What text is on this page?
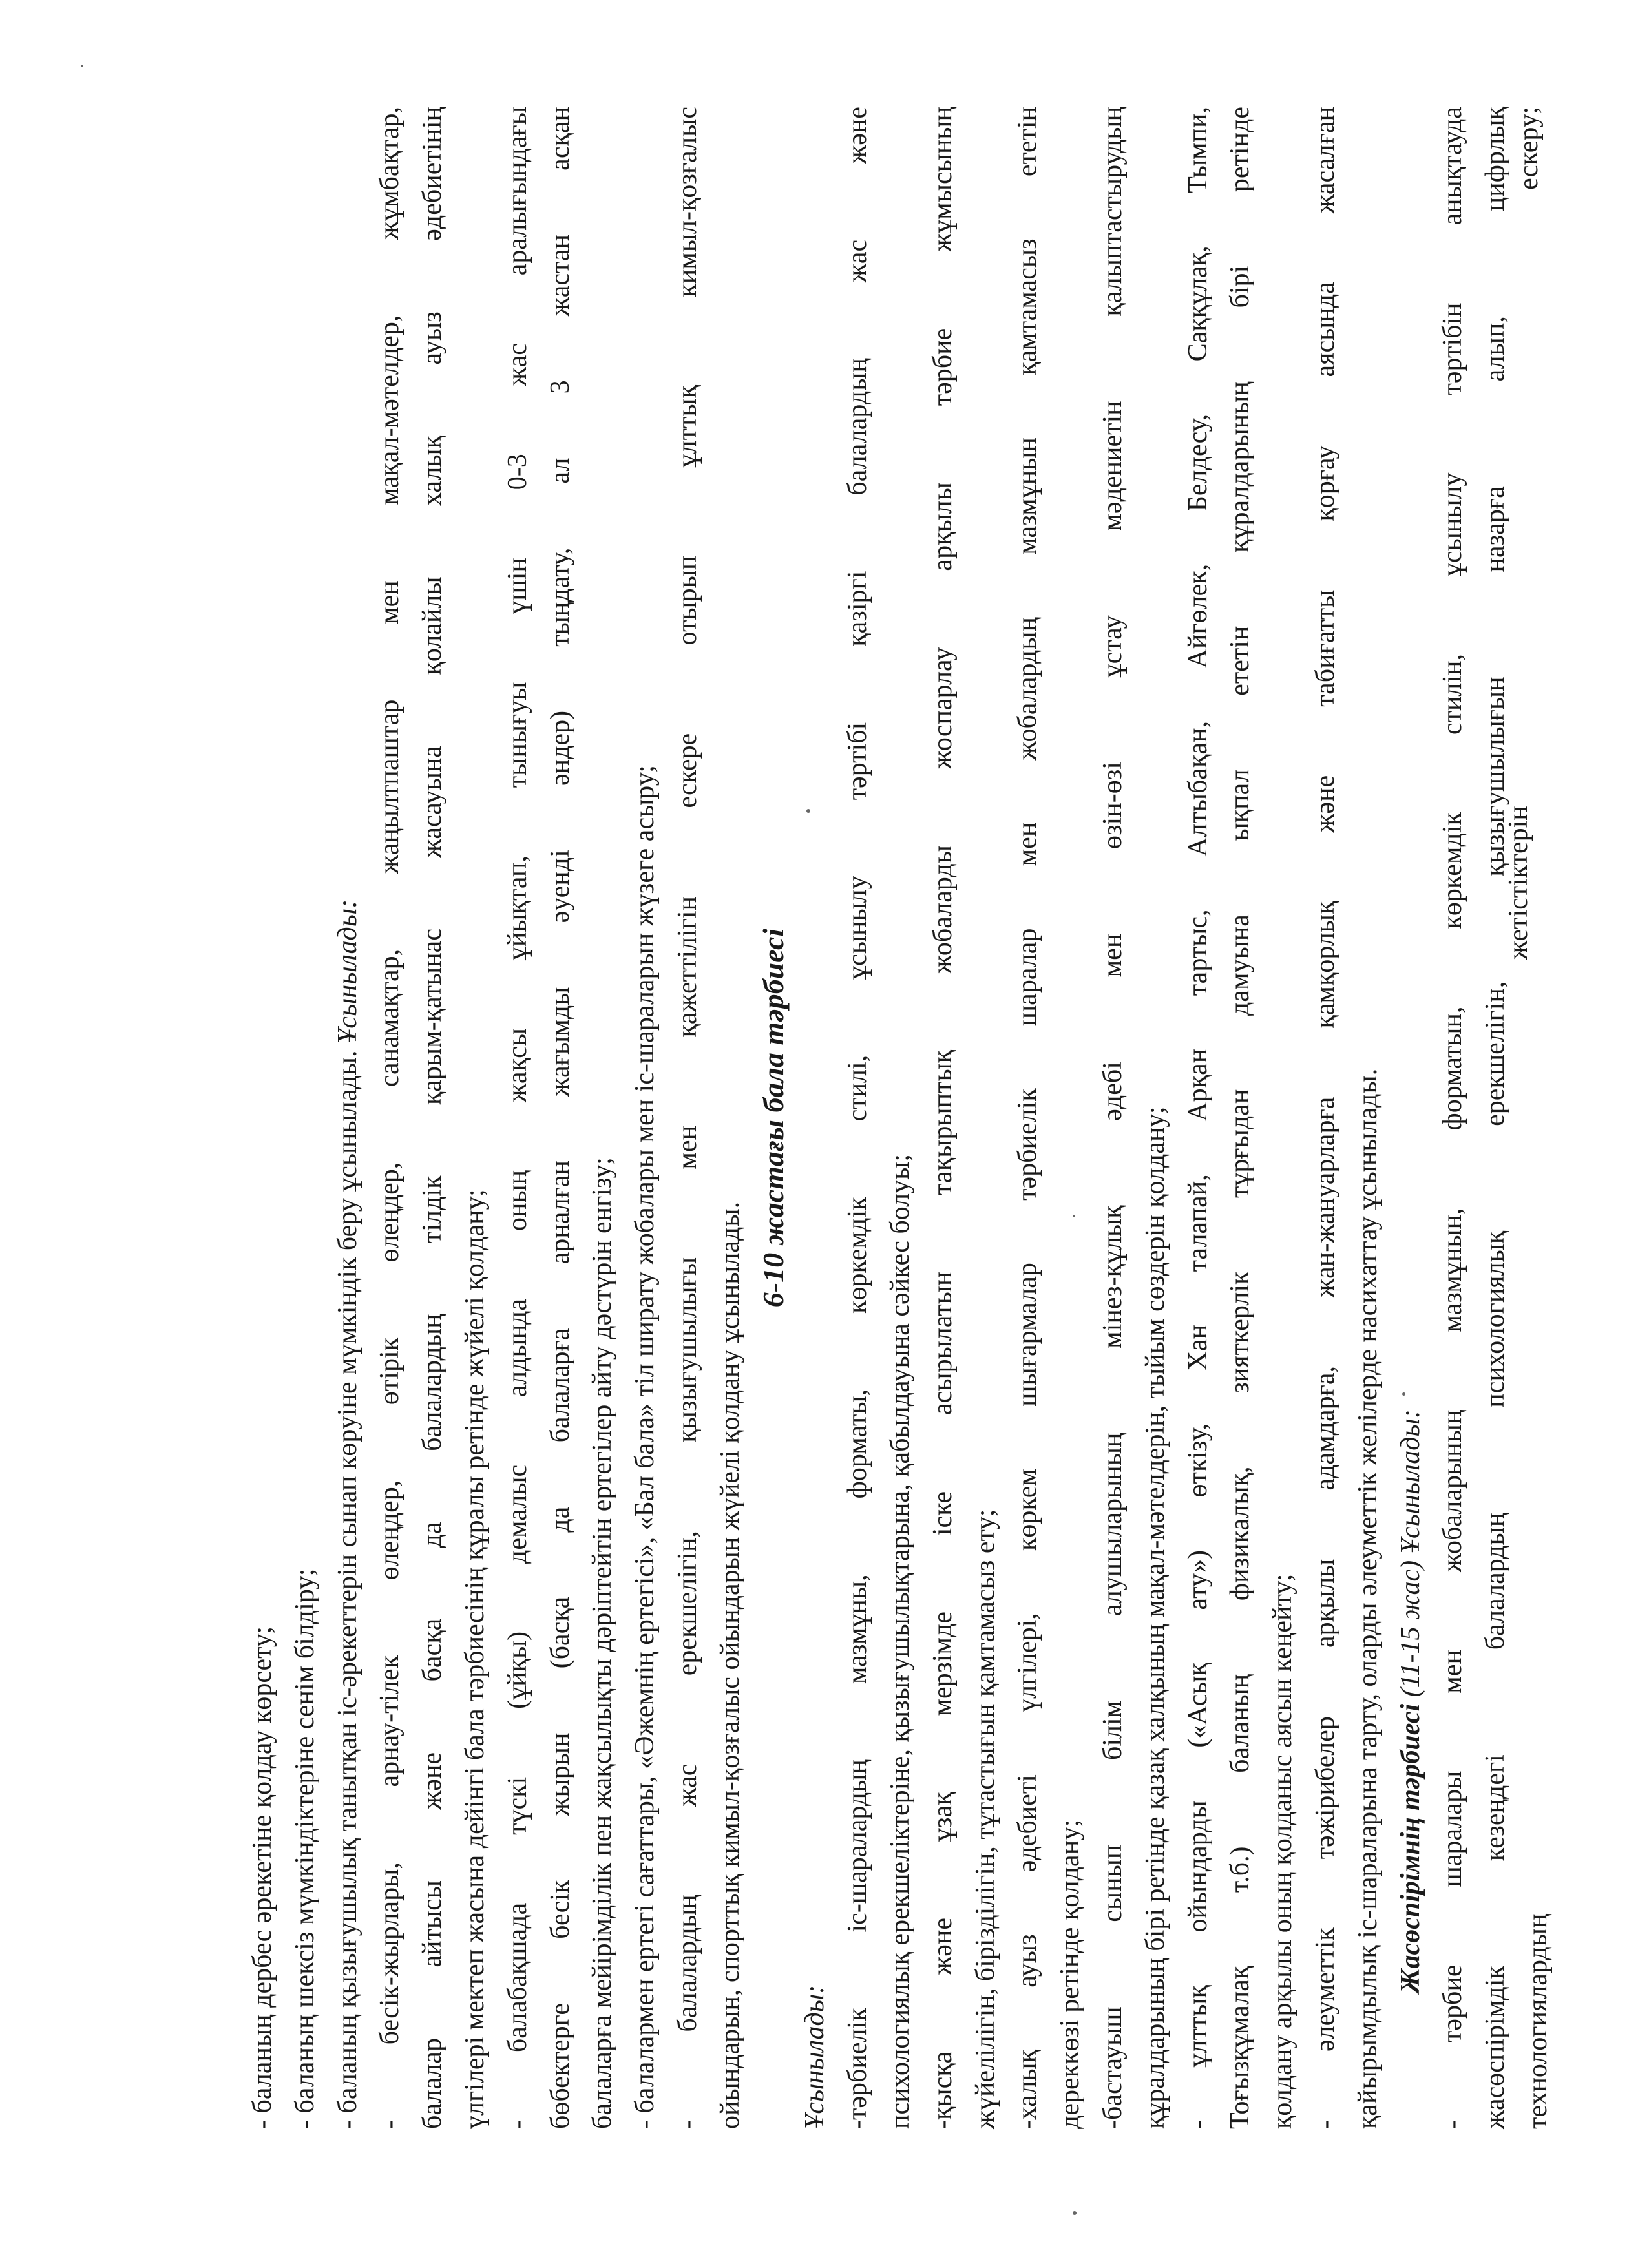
- баланың дербес әрекетіне қолдау көрсету; - баланың шексіз мүмкіндіктеріне сенім білдіру; - баланың қызығушылық танытқан іс-әрекеттерін сынап көруіне мүмкіндік беру ұсынылады. Ұсынылады: - бесік-жырлары, арнау-тілек өлеңдер, өтірік өлеңдер, санамақтар, жаңылтпаштар мен мақал-мәтелдер, жұмбақтар, балалар айтысы және басқа да балалардың тілдік қарым-қатынас жасауына қолайлы халық ауыз әдебиетінің үлгілері мектеп жасына дейінгі бала тәрбиесінің құралы ретінде жүйелі қолдану; - балабақшада түскі (ұйқы) демалыс алдында оның жақсы ұйықтап, тынығуы үшін 0-3 жас аралығындағы бөбектерге бесік жырын (басқа да балаларға арналған жағымды әуенді әндер) тыңдату, ал 3 жастан асқан балаларға мейірімділік пен жақсылықты дәріптейтін ертегілер айту дәстүрін енгізу; - балалармен ертегі сағаттары, «Әжемнің ертегісі», «Бал бала» тіл ширату жобалары мен іс-шараларын жүзеге асыру; - балалардың жас ерекшелігін, қызығушылығы мен қажеттілігін ескере отырып ұлттық кимыл-қозғалыс ойындарын, спорттық кимыл-қозғалыс ойындарын жүйелі қолдану ұсынылады.
6-10 жастағы бала тәрбиесі
Ұсынылады: -тәрбиелік іс-шаралардың мазмұны, форматы, көркемдік стилі, ұсынылу тәртібі қазіргі балалардың жас және психологиялық ерекшеліктеріне, қызығушылықтарына, қабылдауына сәйкес болуы; -қысқа және ұзақ мерзімде іске асырылатын тақырыптық жобаларды жоспарлау арқылы тәрбие жұмысының жүйелілігін, бірізділігін, тұтастығын қамтамасыз ету; -халық ауыз әдебиеті үлгілері, көркем шығармалар тәрбиелік шаралар мен жобалардың мазмұнын қамтамасыз ететін дереккөзі ретінде қолдану; -бастауыш сынып білім алушыларының мінез-құлық әдебі мен өзін-өзі ұстау мәдениетін қалыптастырудың құралдарының бірі ретінде қазақ халқының мақал-мәтелдерін, тыйым сөздерін қолдану; - ұлттық ойындарды («Асық ату») өткізу, Хан талапай, Арқан тартыс, Алтыбақан, Айгөлек, Белдесу, Саққұлақ, Тымпи, Тоғызқұмалақ т.б.) баланың физикалық, зияткерлік тұрғыдан дамуына ықпал ететін құралдарының бірі ретінде қолдану арқылы оның қолданыс аясын кеңейту; - әлеуметтік тәжірибелер арқылы адамдарға, жан-жануарларға қамқорлық және табиғатты қорғау аясында жасалған қайырымдылық іс-шараларына тарту, оларды әлеуметтік желілерде насихаттау ұсынылады. Жасөспірімнің тәрбиесі (11-15 жас) Ұсынылады: - тәрбие шаралары мен жобаларының мазмұнын, форматын, көркемдік стилін, ұсынылу тәртібін анықтауда жасөспірімдік кезеңдегі балалардың психологиялық ерекшелігін, қызығушылығын назарға алып, цифрлық технологиялардың
жетістіктерін
ескеру;
